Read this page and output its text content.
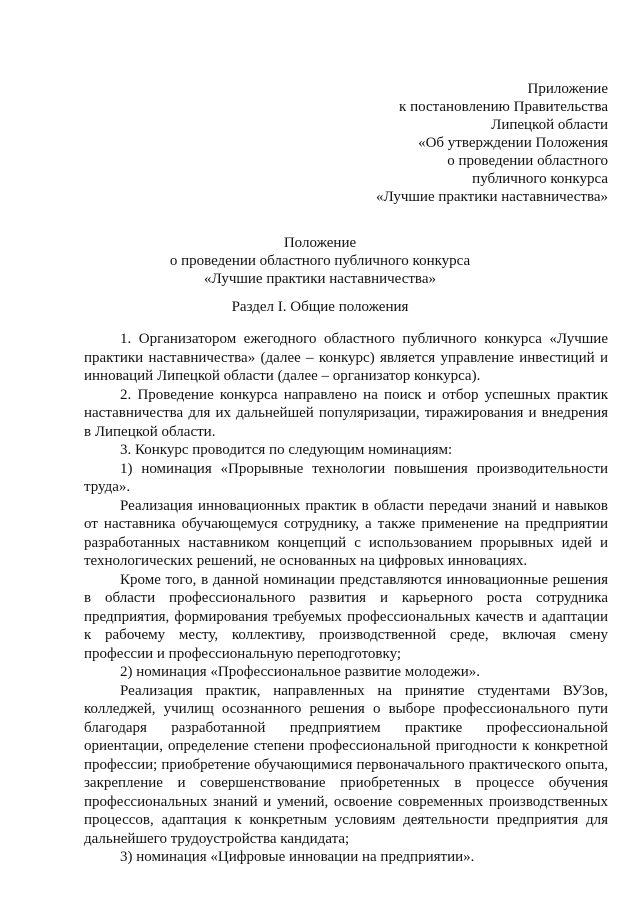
Приложение
к постановлению Правительства
Липецкой области
«Об утверждении Положения
о проведении областного
публичного конкурса
«Лучшие практики наставничества»
Положение
о проведении областного публичного конкурса
«Лучшие практики наставничества»
Раздел I. Общие положения

1. Организатором ежегодного областного публичного конкурса «Лучшие практики наставничества» (далее – конкурс) является управление инвестиций и инноваций Липецкой области (далее – организатор конкурса).

2. Проведение конкурса направлено на поиск и отбор успешных практик наставничества для их дальнейшей популяризации, тиражирования и внедрения в Липецкой области.

3. Конкурс проводится по следующим номинациям:

1) номинация «Прорывные технологии повышения производительности труда».

Реализация инновационных практик в области передачи знаний и навыков от наставника обучающемуся сотруднику, а также применение на предприятии разработанных наставником концепций с использованием прорывных идей и технологических решений, не основанных на цифровых инновациях.

Кроме того, в данной номинации представляются инновационные решения в области профессионального развития и карьерного роста сотрудника предприятия, формирования требуемых профессиональных качеств и адаптации к рабочему месту, коллективу, производственной среде, включая смену профессии и профессиональную переподготовку;

2) номинация «Профессиональное развитие молодежи».

Реализация практик, направленных на принятие студентами ВУЗов, колледжей, училищ осознанного решения о выборе профессионального пути благодаря разработанной предприятием практике профессиональной ориентации, определение степени профессиональной пригодности к конкретной профессии; приобретение обучающимися первоначального практического опыта, закрепление и совершенствование приобретенных в процессе обучения профессиональных знаний и умений, освоение современных производственных процессов, адаптация к конкретным условиям деятельности предприятия для дальнейшего трудоустройства кандидата;

3) номинация «Цифровые инновации на предприятии».
